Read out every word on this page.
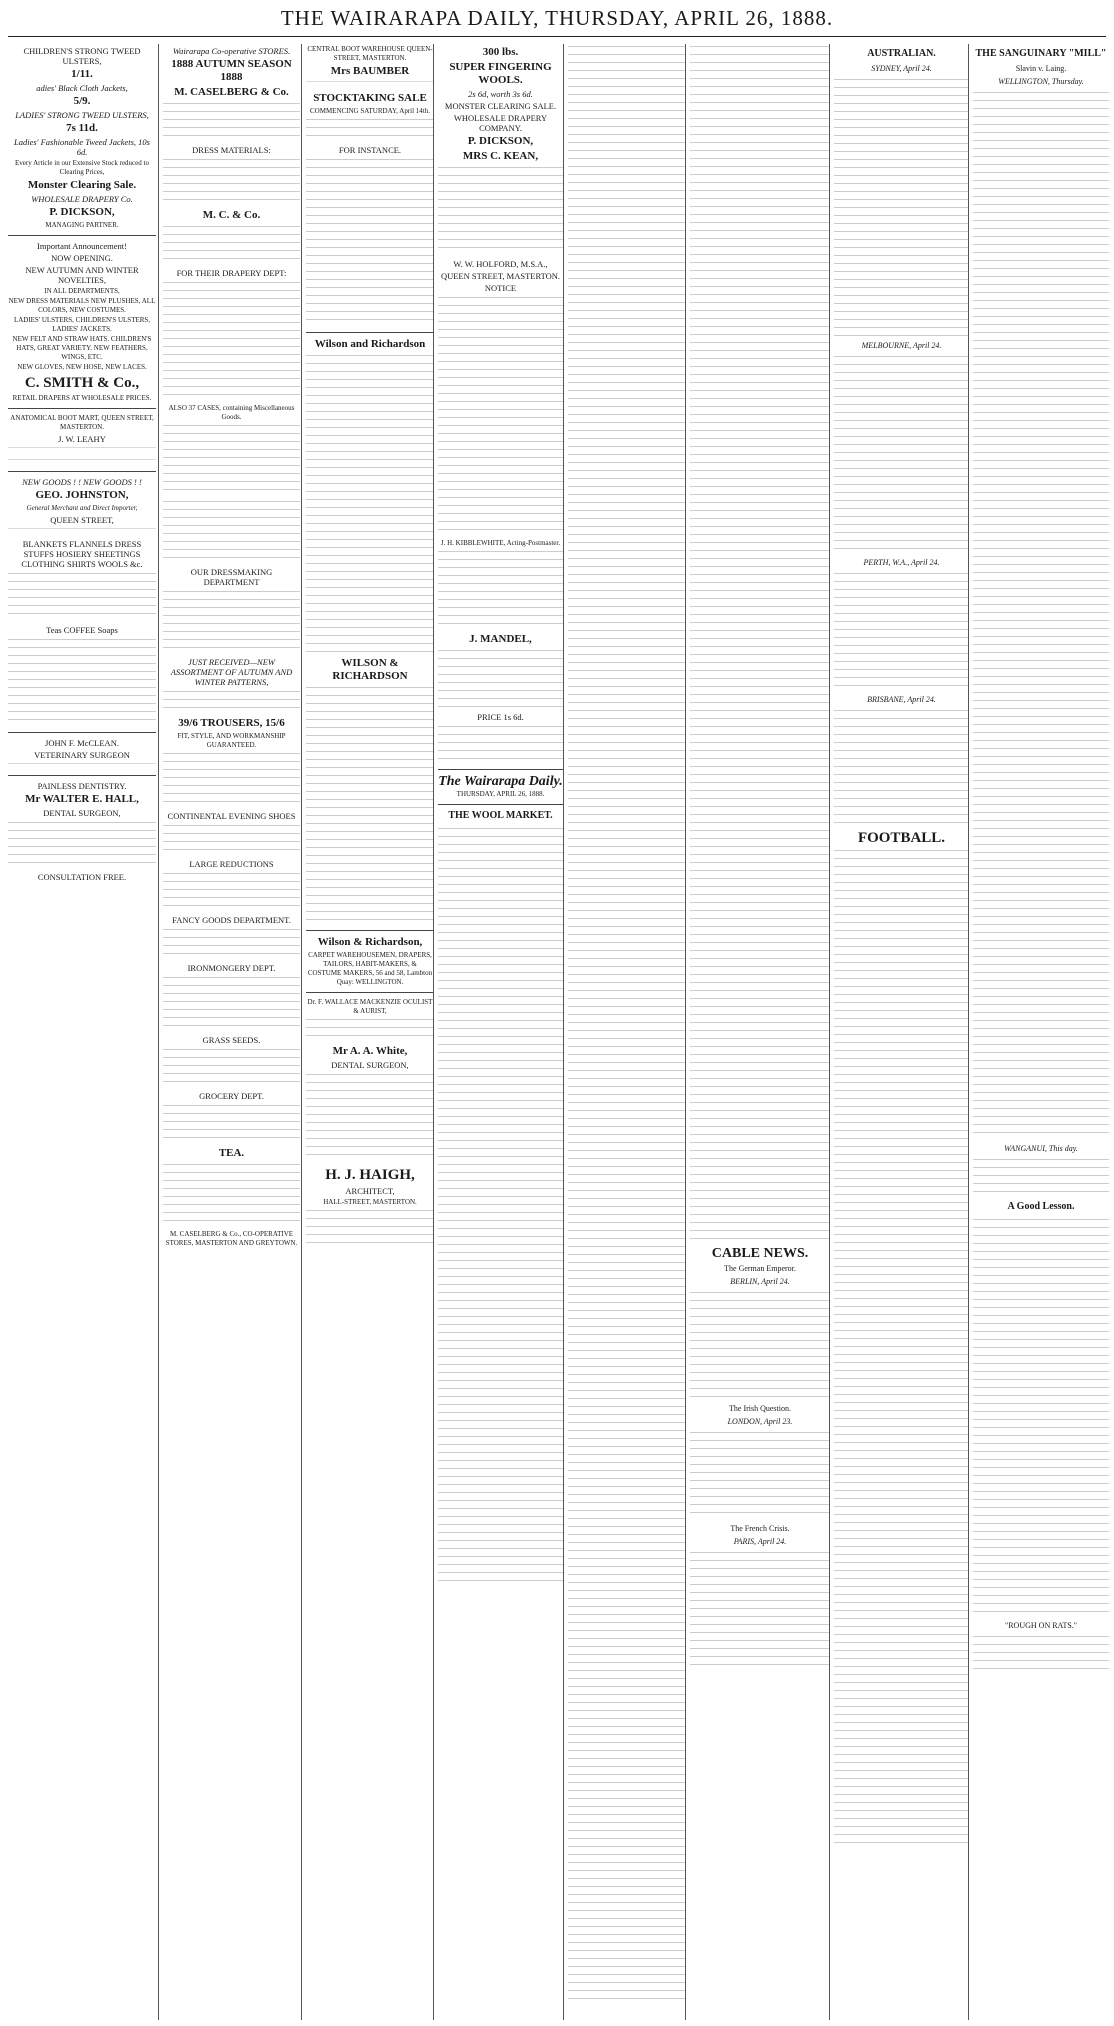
THE WAIRARAPA DAILY, THURSDAY, APRIL 26, 1888.
CHILDREN'S STRONG TWEED ULSTERS,
1/11.
adies' Black Cloth Jackets,
5/9.
LADIES' STRONG TWEED ULSTERS,
7s 11d.
Ladies' Fashionable Tweed Jackets, 10s 6d.
Every Article in our Extensive Stock reduced to Clearing Prices,
Monster Clearing Sale.
WHOLESALE DRAPERY Co.
P. DICKSON,
MANAGING PARTNER.
Important Announcement!
NOW OPENING.
NEW AUTUMN AND WINTER NOVELTIES,
IN ALL DEPARTMENTS,
NEW DRESS MATERIALS NEW PLUSHES, ALL COLORS, NEW COSTUMES.
LADIES' ULSTERS, CHILDREN'S ULSTERS, LADIES' JACKETS.
NEW FELT AND STRAW HATS. CHILDREN'S HATS, GREAT VARIETY. NEW FEATHERS, WINGS, ETC.
NEW GLOVES, NEW HOSE, NEW LACES.
C. SMITH & Co.,
RETAIL DRAPERS AT WHOLESALE PRICES.
ANATOMICAL BOOT MART, QUEEN STREET, MASTERTON.
J. W. LEAHY
NEW GOODS ! ! NEW GOODS ! !
GEO. JOHNSTON,
General Merchant and Direct Importer,
QUEEN STREET,
BLANKETS FLANNELS DRESS STUFFS HOSIERY SHEETINGS CLOTHING SHIRTS WOOLS &c.
Teas COFFEE Soaps
JOHN F. McCLEAN.
VETERINARY SURGEON
PAINLESS DENTISTRY.
Mr WALTER E. HALL,
DENTAL SURGEON,
CONSULTATION FREE.
Wairarapa Co-operative STORES.
1888 AUTUMN SEASON 1888
M. CASELBERG & Co.
DRESS MATERIALS:
M. C. & Co.
FOR THEIR DRAPERY DEPT:
ALSO 37 CASES, containing Miscellaneous Goods.
OUR DRESSMAKING DEPARTMENT
JUST RECEIVED—NEW ASSORTMENT OF AUTUMN AND WINTER PATTERNS,
39/6 TROUSERS, 15/6
FIT, STYLE, AND WORKMANSHIP GUARANTEED.
CONTINENTAL EVENING SHOES
LARGE REDUCTIONS
FANCY GOODS DEPARTMENT.
IRONMONGERY DEPT.
GRASS SEEDS.
GROCERY DEPT.
TEA.
M. CASELBERG & Co., CO-OPERATIVE STORES, MASTERTON AND GREYTOWN.
CENTRAL BOOT WAREHOUSE QUEEN-STREET, MASTERTON.
Mrs BAUMBER
STOCKTAKING SALE
COMMENCING SATURDAY, April 14th.
FOR INSTANCE.
Wilson and Richardson
WILSON & RICHARDSON
Wilson & Richardson,
CARPET WAREHOUSEMEN, DRAPERS, TAILORS, HABIT-MAKERS, & COSTUME MAKERS, 56 and 58, Lambton Quay: WELLINGTON.
Dr. F. WALLACE MACKENZIE OCULIST & AURIST,
Mr A. A. White,
DENTAL SURGEON,
H. J. HAIGH,
ARCHITECT,
HALL-STREET, MASTERTON.
300 lbs.
SUPER FINGERING WOOLS.
2s 6d, worth 3s 6d.
MONSTER CLEARING SALE.
WHOLESALE DRAPERY COMPANY.
P. DICKSON,
MRS C. KEAN,
W. W. HOLFORD, M.S.A.,
QUEEN STREET, MASTERTON.
NOTICE
J. H. KIBBLEWHITE, Acting-Postmaster.
J. MANDEL,
PRICE 1s 6d.
The Wairarapa Daily.
THURSDAY, APRIL 26, 1888.
THE WOOL MARKET.
CABLE NEWS.
The German Emperor.
BERLIN, April 24.
The Irish Question.
LONDON, April 23.
The French Crisis.
PARIS, April 24.
AUSTRALIAN.
SYDNEY, April 24.
MELBOURNE, April 24.
PERTH, W.A., April 24.
BRISBANE, April 24.
FOOTBALL.
THE SANGUINARY "MILL"
Slavin v. Laing.
WELLINGTON, Thursday.
WANGANUI, This day.
A Good Lesson.
"ROUGH ON RATS."
